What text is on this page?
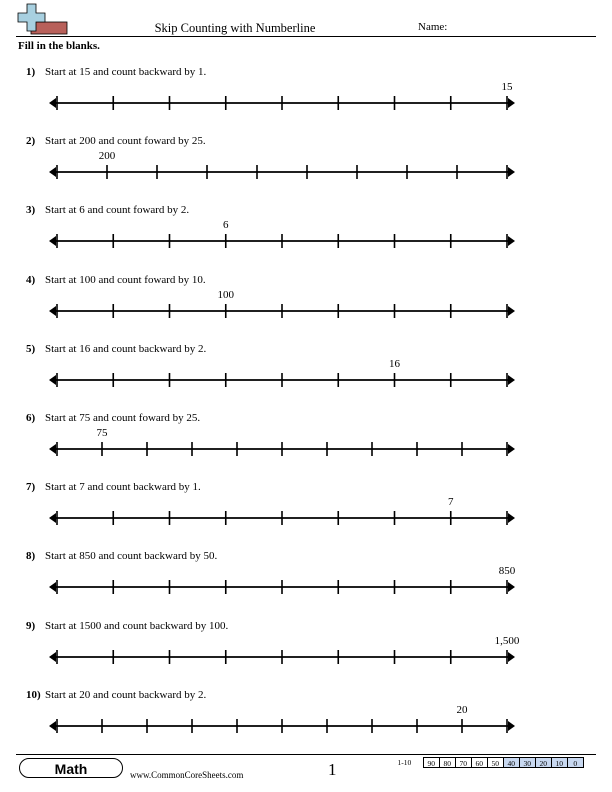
Skip Counting with Numberline	Name:
Fill in the blanks.
1) Start at 15 and count backward by 1.
15
2) Start at 200 and count foward by 25.
200
3) Start at 6 and count foward by 2.
6
4) Start at 100 and count foward by 10.
100
5) Start at 16 and count backward by 2.
16
6) Start at 75 and count foward by 25.
75
7) Start at 7 and count backward by 1.
7
8) Start at 850 and count backward by 50.
850
9) Start at 1500 and count backward by 100.
1,500
10) Start at 20 and count backward by 2.
20
Math	www.CommonCoreSheets.com	1	1-10	90	80	70	60	50	40	30	20	10	0
